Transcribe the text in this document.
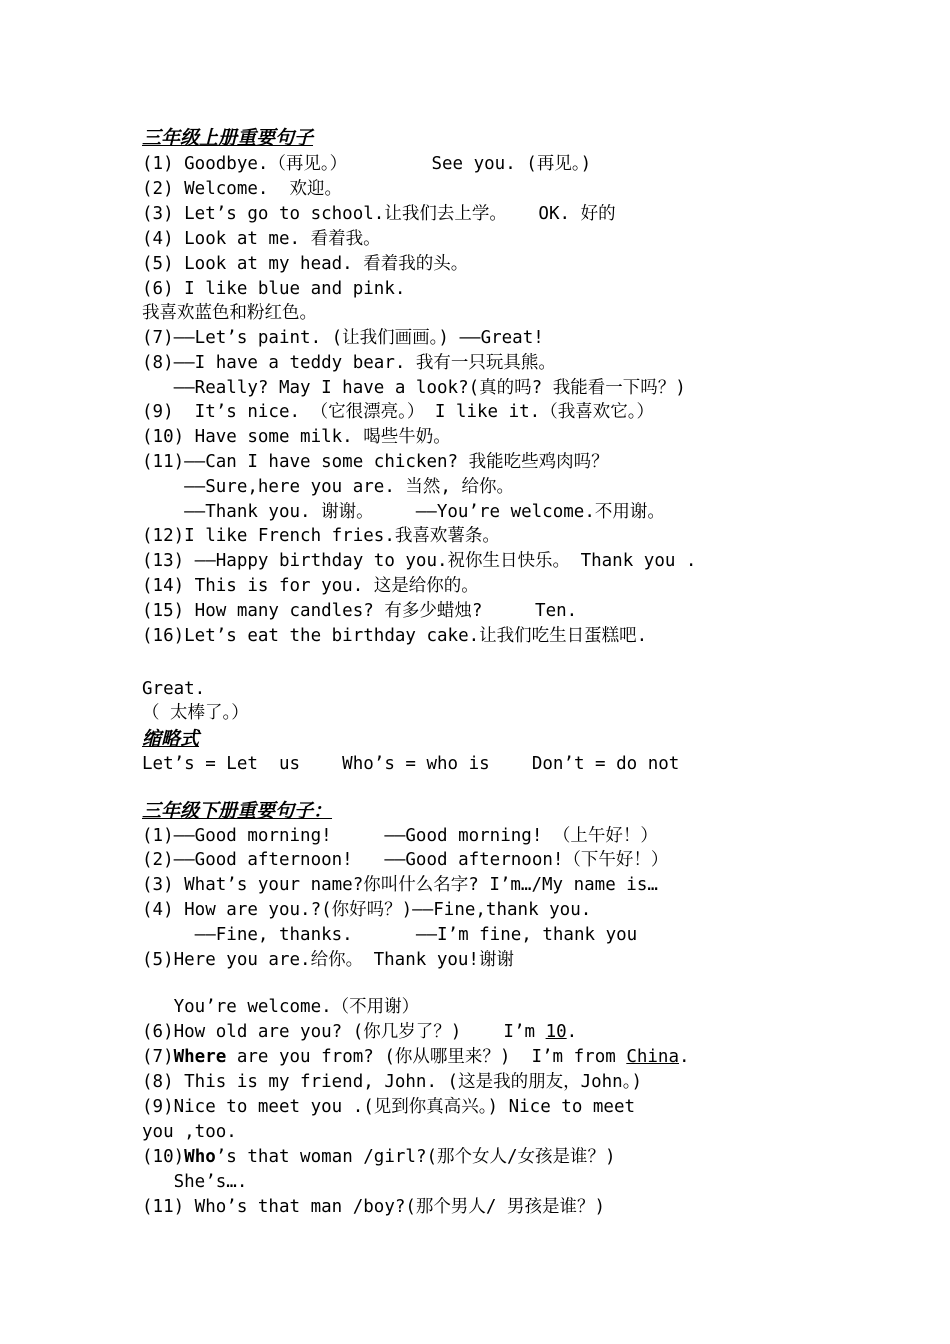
三年级上册重要句子
(1) Goodbye.（再见。）        See you. (再见。)
(2) Welcome.  欢迎。
(3) Let’s go to school.让我们去上学。   OK. 好的
(4) Look at me. 看着我。
(5) Look at my head. 看着我的头。
(6) I like blue and pink.
我喜欢蓝色和粉红色。
(7)——Let’s paint. (让我们画画。) ——Great!
(8)——I have a teddy bear. 我有一只玩具熊。
——Really? May I have a look?(真的吗? 我能看一下吗？)
(9)  It’s nice. （它很漂亮。） I like it.（我喜欢它。）
(10) Have some milk. 喝些牛奶。
(11)——Can I have some chicken? 我能吃些鸡肉吗？
——Sure,here you are. 当然, 给你。
——Thank you. 谢谢。    ——You’re welcome.不用谢。
(12)I like French fries.我喜欢薯条。
(13) ——Happy birthday to you.祝你生日快乐。 Thank you .
(14) This is for you. 这是给你的。
(15) How many candles? 有多少蜡烛?     Ten.
(16)Let’s eat the birthday cake.让我们吃生日蛋糕吧.
Great.
（ 太棒了。）
缩略式
Let’s = Let  us    Who’s = who is    Don’t = do not
三年级下册重要句子：
(1)——Good morning!     ——Good morning! （上午好！）
(2)——Good afternoon!   ——Good afternoon!（下午好！）
(3) What’s your name?你叫什么名字? I’m…/My name is…
(4) How are you.?(你好吗？)——Fine,thank you.
——Fine, thanks.      ——I’m fine, thank you
(5)Here you are.给你。 Thank you!谢谢
You’re welcome.（不用谢）
(6)How old are you? (你几岁了？)    I’m 10.
(7)Where are you from? (你从哪里来？)  I’m from China.
(8) This is my friend, John. (这是我的朋友，John。)
(9)Nice to meet you .(见到你真高兴。) Nice to meet
you ,too.
(10)Who’s that woman /girl?(那个女人/女孩是谁？)
She’s….
(11) Who’s that man /boy?(那个男人/ 男孩是谁？)
